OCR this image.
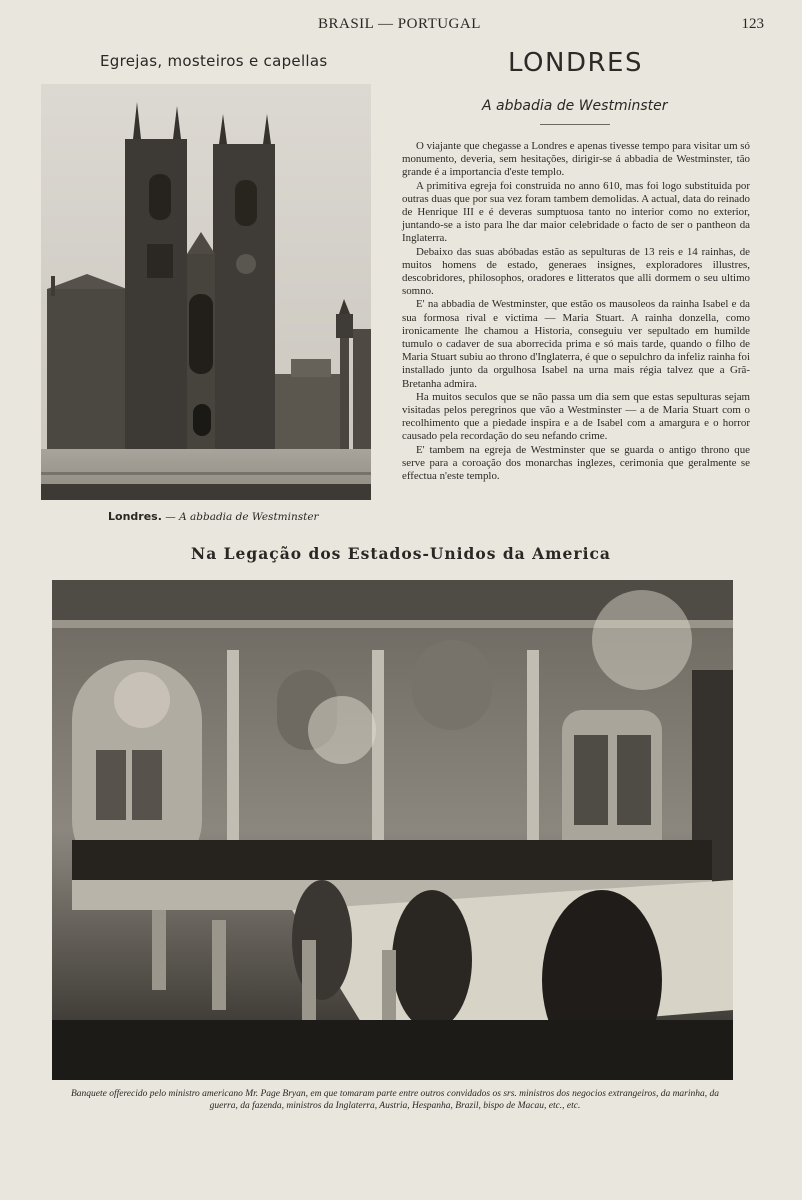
BRASIL — PORTUGAL	123
Egrejas, mosteiros e capellas
Londres. — A abbadia de Westminster
LONDRES
A abbadia de Westminster

O viajante que chegasse a Londres e apenas tivesse tempo para visitar um só monumento, deveria, sem hesitações, dirigir-se á abbadia de Westminster, tão grande é a importancia d'este templo.

A primitiva egreja foi construida no anno 610, mas foi logo substituida por outras duas que por sua vez foram tambem demolidas. A actual, data do reinado de Henrique III e é deveras sumptuosa tanto no interior como no exterior, juntando-se a isto para lhe dar maior celebridade o facto de ser o pantheon da Inglaterra.

Debaixo das suas abóbadas estão as sepulturas de 13 reis e 14 rainhas, de muitos homens de estado, generaes insignes, exploradores illustres, descobridores, philosophos, oradores e litteratos que alli dormem o seu ultimo somno.

E' na abbadia de Westminster, que estão os mausoleos da rainha Isabel e da sua formosa rival e victima — Maria Stuart. A rainha donzella, como ironicamente lhe chamou a Historia, conseguiu ver sepultado em humilde tumulo o cadaver de sua aborrecida prima e só mais tarde, quando o filho de Maria Stuart subiu ao throno d'Inglaterra, é que o sepulchro da infeliz rainha foi installado junto da orgulhosa Isabel na urna mais régia talvez que a Grã-Bretanha admira.

Ha muitos seculos que se não passa um dia sem que estas sepulturas sejam visitadas pelos peregrinos que vão a Westminster — a de Maria Stuart com o recolhimento que a piedade inspira e a de Isabel com a amargura e o horror causado pela recordação do seu nefando crime.

E' tambem na egreja de Westminster que se guarda o antigo throno que serve para a coroação dos monarchas inglezes, cerimonia que geralmente se effectua n'este templo.

Na Legação dos Estados-Unidos da America
Banquete offerecido pelo ministro americano Mr. Page Bryan, em que tomaram parte entre outros convidados os srs. ministros dos negocios extrangeiros, da marinha, da guerra, da fazenda, ministros da Inglaterra, Austria, Hespanha, Brazil, bispo de Macau, etc., etc.
